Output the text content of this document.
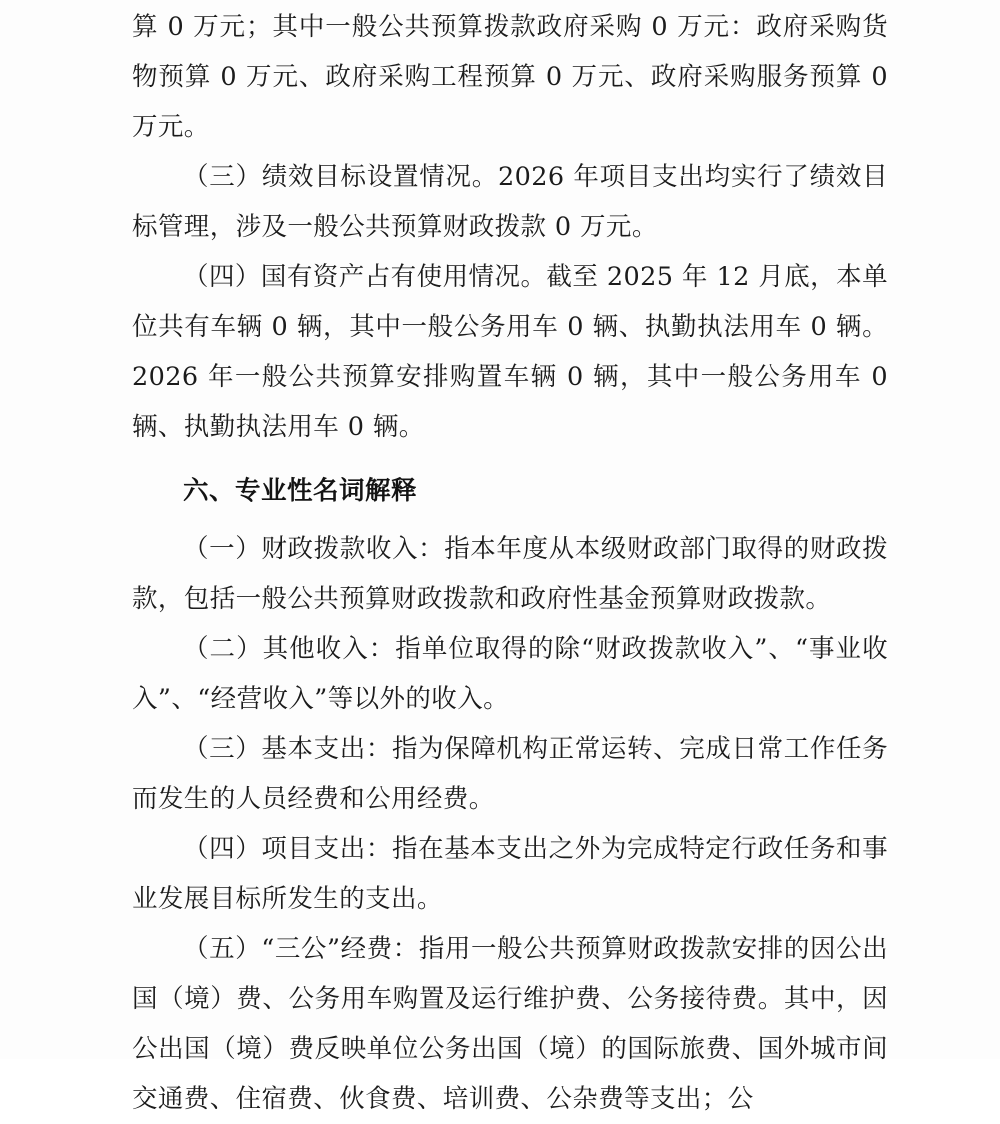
算 0 万元；其中一般公共预算拨款政府采购 0 万元：政府采购货物预算 0 万元、政府采购工程预算 0 万元、政府采购服务预算 0 万元。

（三）绩效目标设置情况。2026 年项目支出均实行了绩效目标管理，涉及一般公共预算财政拨款 0 万元。

（四）国有资产占有使用情况。截至 2025 年 12 月底，本单位共有车辆 0 辆，其中一般公务用车 0 辆、执勤执法用车 0 辆。2026 年一般公共预算安排购置车辆 0 辆，其中一般公务用车 0 辆、执勤执法用车 0 辆。

六、专业性名词解释

（一）财政拨款收入：指本年度从本级财政部门取得的财政拨款，包括一般公共预算财政拨款和政府性基金预算财政拨款。

（二）其他收入：指单位取得的除“财政拨款收入”、“事业收入”、“经营收入”等以外的收入。

（三）基本支出：指为保障机构正常运转、完成日常工作任务而发生的人员经费和公用经费。

（四）项目支出：指在基本支出之外为完成特定行政任务和事业发展目标所发生的支出。

（五）“三公”经费：指用一般公共预算财政拨款安排的因公出国（境）费、公务用车购置及运行维护费、公务接待费。其中，因公出国（境）费反映单位公务出国（境）的国际旅费、国外城市间交通费、住宿费、伙食费、培训费、公杂费等支出；公
